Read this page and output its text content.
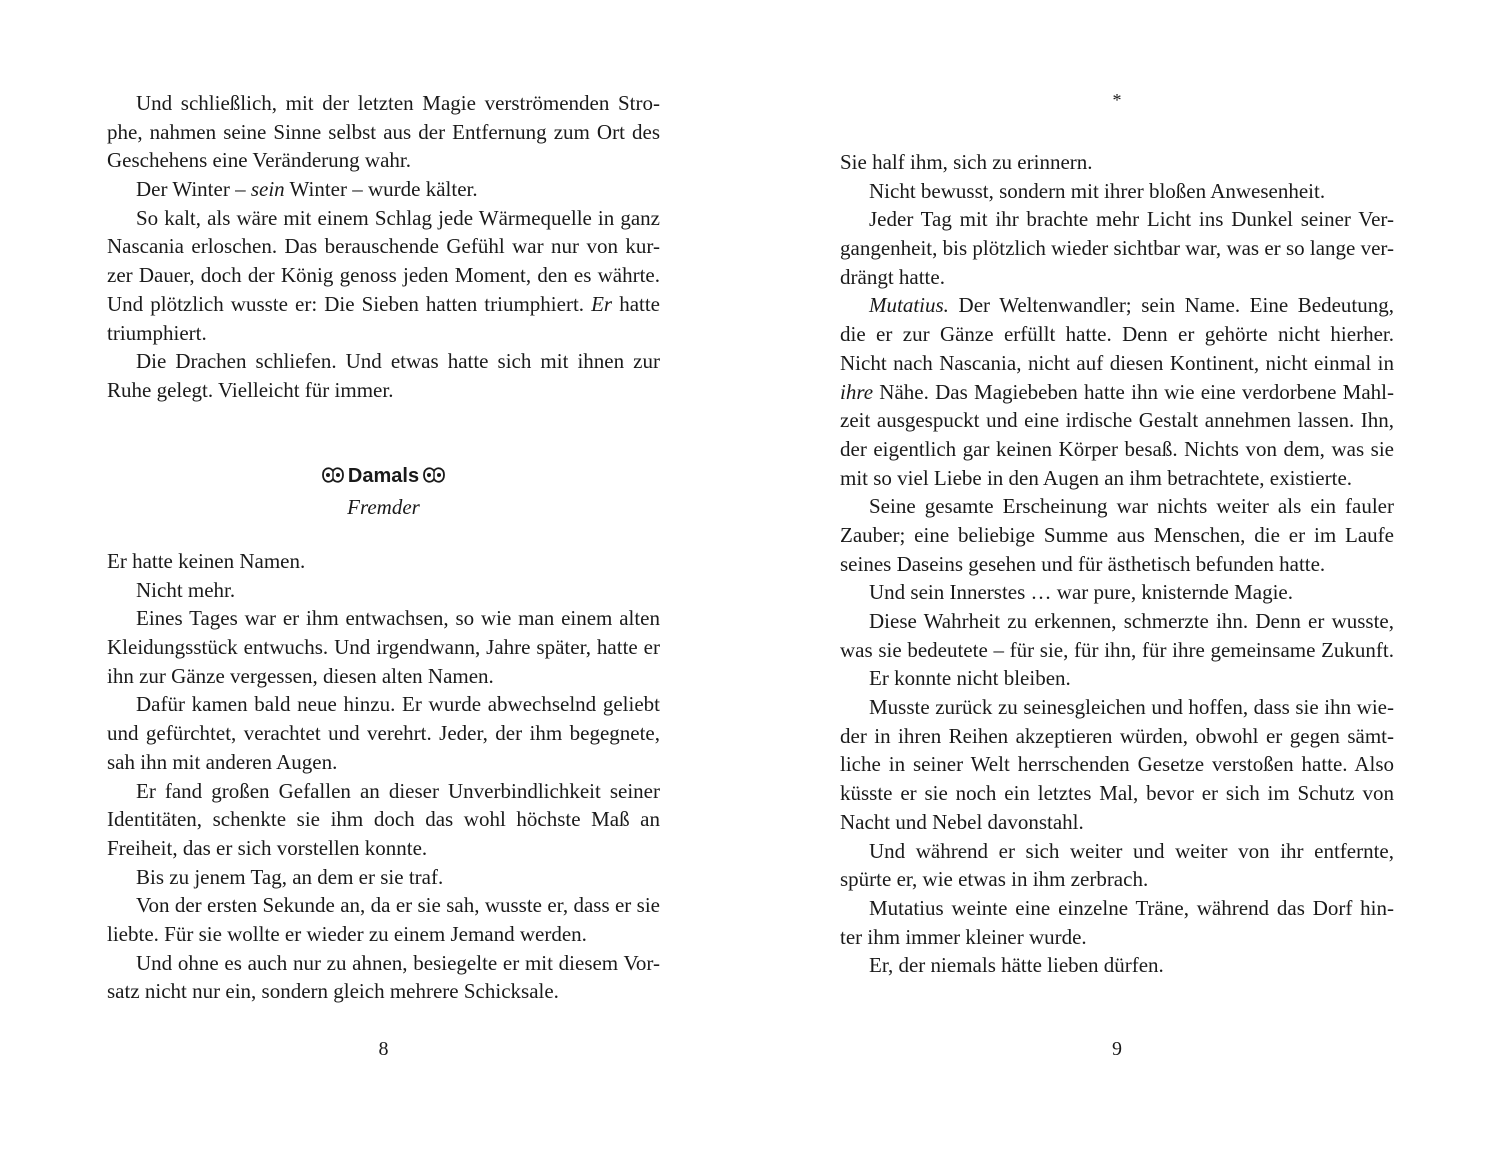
Und schließlich, mit der letzten Magie verströmenden Stro-
phe, nahmen seine Sinne selbst aus der Entfernung zum Ort des
Geschehens eine Veränderung wahr.
Der Winter – sein Winter – wurde kälter.
So kalt, als wäre mit einem Schlag jede Wärmequelle in ganz
Nascania erloschen. Das berauschende Gefühl war nur von kur-
zer Dauer, doch der König genoss jeden Moment, den es währte.
Und plötzlich wusste er: Die Sieben hatten triumphiert. Er hatte
triumphiert.
Die Drachen schliefen. Und etwas hatte sich mit ihnen zur
Ruhe gelegt. Vielleicht für immer.
Damals
Fremder
Er hatte keinen Namen.
Nicht mehr.
Eines Tages war er ihm entwachsen, so wie man einem alten
Kleidungsstück entwuchs. Und irgendwann, Jahre später, hatte er
ihn zur Gänze vergessen, diesen alten Namen.
Dafür kamen bald neue hinzu. Er wurde abwechselnd geliebt
und gefürchtet, verachtet und verehrt. Jeder, der ihm begegnete,
sah ihn mit anderen Augen.
Er fand großen Gefallen an dieser Unverbindlichkeit seiner
Identitäten, schenkte sie ihm doch das wohl höchste Maß an
Freiheit, das er sich vorstellen konnte.
Bis zu jenem Tag, an dem er sie traf.
Von der ersten Sekunde an, da er sie sah, wusste er, dass er sie
liebte. Für sie wollte er wieder zu einem Jemand werden.
Und ohne es auch nur zu ahnen, besiegelte er mit diesem Vor-
satz nicht nur ein, sondern gleich mehrere Schicksale.
8
*
Sie half ihm, sich zu erinnern.
Nicht bewusst, sondern mit ihrer bloßen Anwesenheit.
Jeder Tag mit ihr brachte mehr Licht ins Dunkel seiner Ver-
gangenheit, bis plötzlich wieder sichtbar war, was er so lange ver-
drängt hatte.
Mutatius. Der Weltenwandler; sein Name. Eine Bedeutung,
die er zur Gänze erfüllt hatte. Denn er gehörte nicht hierher.
Nicht nach Nascania, nicht auf diesen Kontinent, nicht einmal in
ihre Nähe. Das Magiebeben hatte ihn wie eine verdorbene Mahl-
zeit ausgespuckt und eine irdische Gestalt annehmen lassen. Ihn,
der eigentlich gar keinen Körper besaß. Nichts von dem, was sie
mit so viel Liebe in den Augen an ihm betrachtete, existierte.
Seine gesamte Erscheinung war nichts weiter als ein fauler
Zauber; eine beliebige Summe aus Menschen, die er im Laufe
seines Daseins gesehen und für ästhetisch befunden hatte.
Und sein Innerstes … war pure, knisternde Magie.
Diese Wahrheit zu erkennen, schmerzte ihn. Denn er wusste,
was sie bedeutete – für sie, für ihn, für ihre gemeinsame Zukunft.
Er konnte nicht bleiben.
Musste zurück zu seinesgleichen und hoffen, dass sie ihn wie-
der in ihren Reihen akzeptieren würden, obwohl er gegen sämt-
liche in seiner Welt herrschenden Gesetze verstoßen hatte. Also
küsste er sie noch ein letztes Mal, bevor er sich im Schutz von
Nacht und Nebel davonstahl.
Und während er sich weiter und weiter von ihr entfernte,
spürte er, wie etwas in ihm zerbrach.
Mutatius weinte eine einzelne Träne, während das Dorf hin-
ter ihm immer kleiner wurde.
Er, der niemals hätte lieben dürfen.
9
